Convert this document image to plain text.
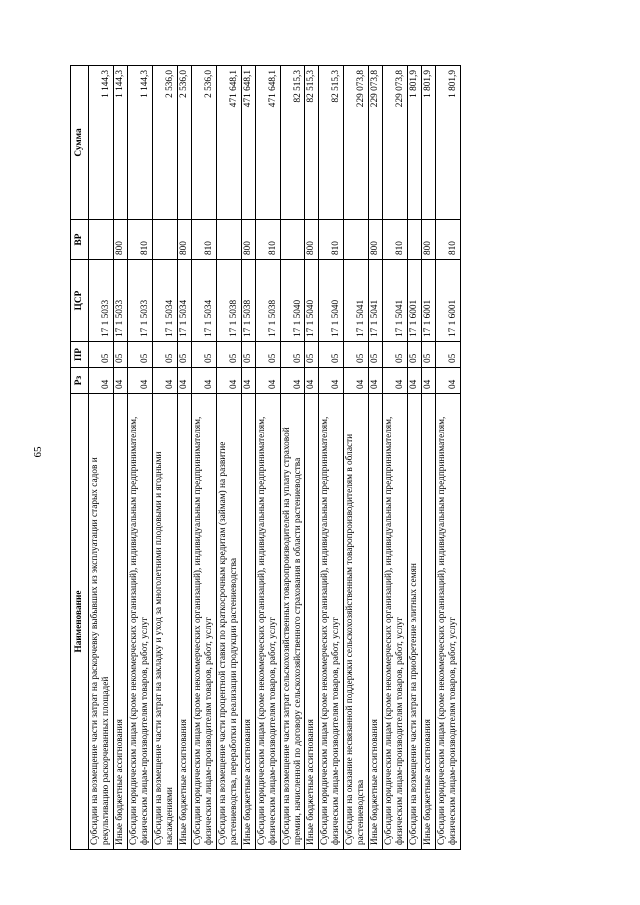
65
Наименование	Рз	ПР	ЦСР	ВР	Сумма
Субсидии на возмещение части затрат на раскорчевку выбывших из эксплуатации старых садов и рекультивацию раскорчеванных площадей	04	05	17 1 5033		1 144,3
Иные бюджетные ассигнования	04	05	17 1 5033	800	1 144,3
Субсидии юридическим лицам (кроме некоммерческих организаций), индивидуальным предпринимателям, физическим лицам-производителям товаров, работ, услуг	04	05	17 1 5033	810	1 144,3
Субсидии на возмещение части затрат на закладку и уход за многолетними плодовыми и ягодными насаждениями	04	05	17 1 5034		2 536,0
Иные бюджетные ассигнования	04	05	17 1 5034	800	2 536,0
Субсидии юридическим лицам (кроме некоммерческих организаций), индивидуальным предпринимателям, физическим лицам-производителям товаров, работ, услуг	04	05	17 1 5034	810	2 536,0
Субсидии на возмещение части процентной ставки по краткосрочным кредитам (займам) на развитие растениеводства, переработки и реализации продукции растениеводства	04	05	17 1 5038		471 648,1
Иные бюджетные ассигнования	04	05	17 1 5038	800	471 648,1
Субсидии юридическим лицам (кроме некоммерческих организаций), индивидуальным предпринимателям, физическим лицам-производителям товаров, работ, услуг	04	05	17 1 5038	810	471 648,1
Субсидии на возмещение части затрат сельскохозяйственных товаропроизводителей на уплату страховой премии, начисленной по договору сельскохозяйственного страхования в области растениеводства	04	05	17 1 5040		82 515,3
Иные бюджетные ассигнования	04	05	17 1 5040	800	82 515,3
Субсидии юридическим лицам (кроме некоммерческих организаций), индивидуальным предпринимателям, физическим лицам-производителям товаров, работ, услуг	04	05	17 1 5040	810	82 515,3
Субсидии на оказание несвязанной поддержки сельскохозяйственным товаропроизводителям в области растениеводства	04	05	17 1 5041		229 073,8
Иные бюджетные ассигнования	04	05	17 1 5041	800	229 073,8
Субсидии юридическим лицам (кроме некоммерческих организаций), индивидуальным предпринимателям, физическим лицам-производителям товаров, работ, услуг	04	05	17 1 5041	810	229 073,8
Субсидии на возмещение части затрат на приобретение элитных семян	04	05	17 1 6001		1 801,9
Иные бюджетные ассигнования	04	05	17 1 6001	800	1 801,9
Субсидии юридическим лицам (кроме некоммерческих организаций), индивидуальным предпринимателям, физическим лицам-производителям товаров, работ, услуг	04	05	17 1 6001	810	1 801,9
